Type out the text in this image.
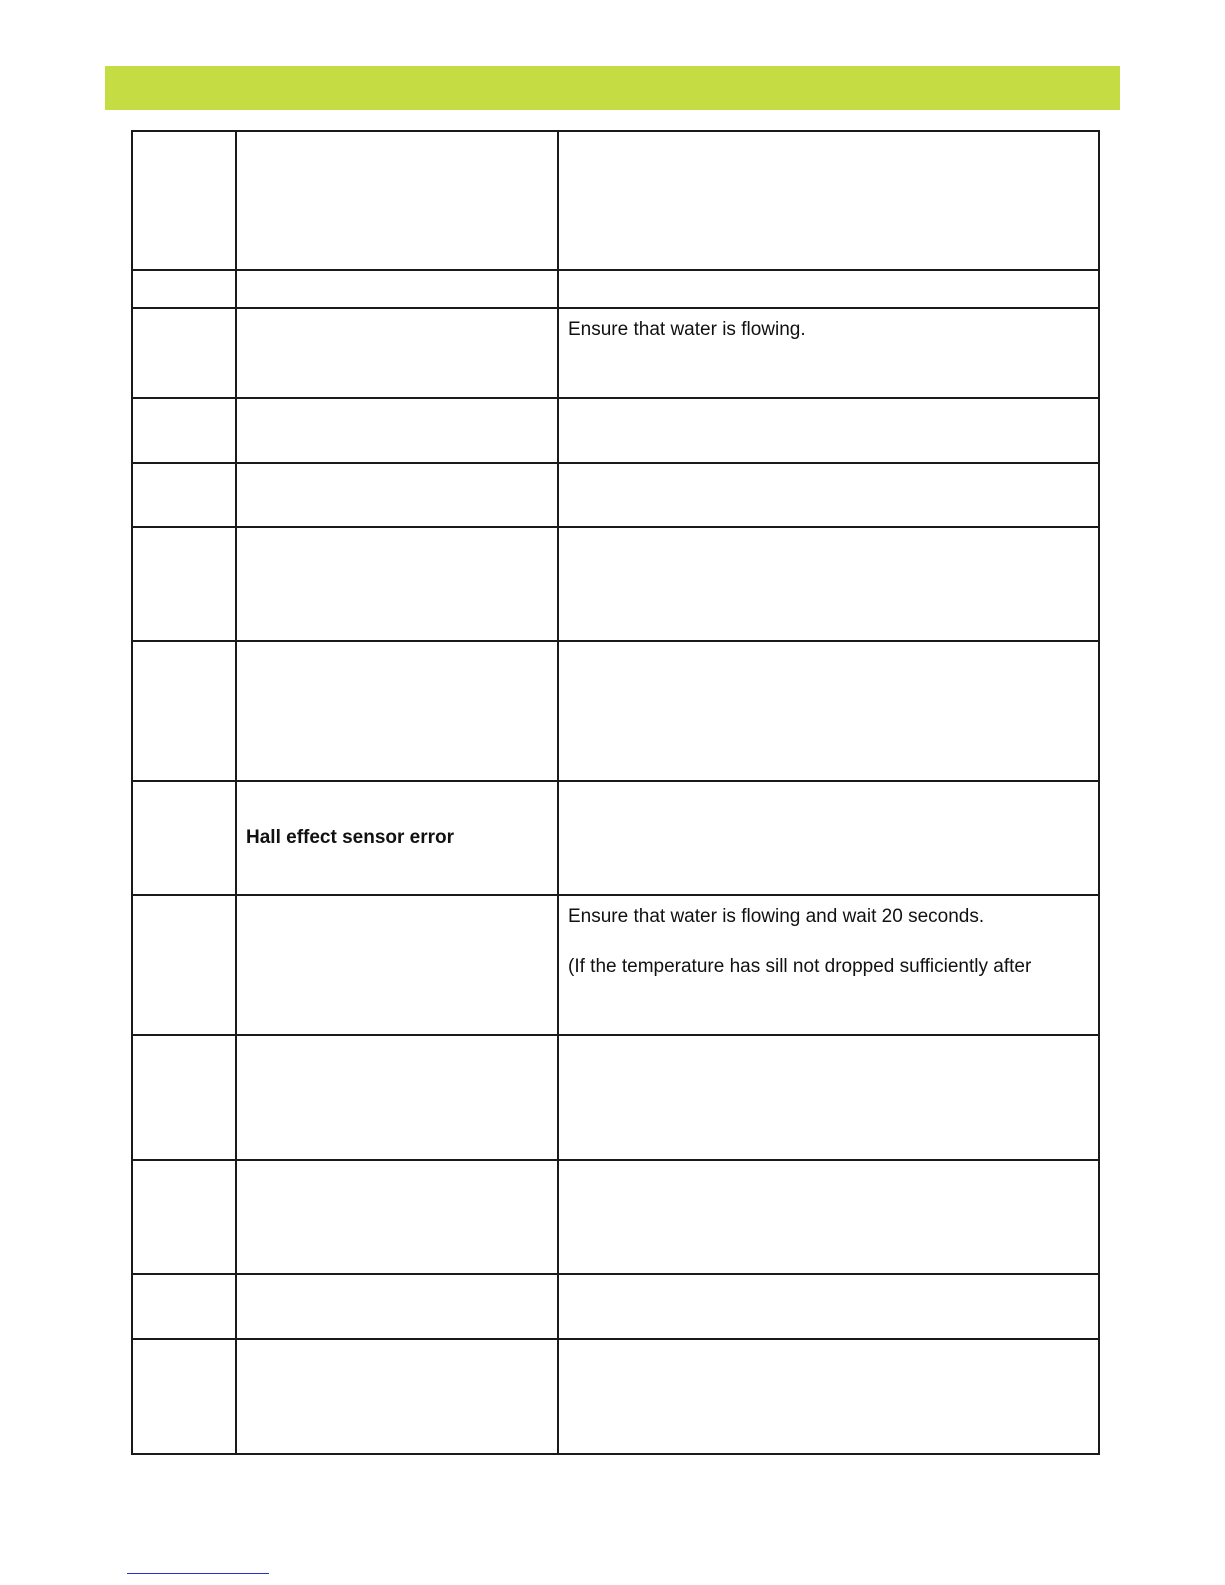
		Ensure that water is flowing.

	Hall effect sensor error	

		Ensure that water is flowing and wait 20 seconds.
(If the temperature has sill not dropped sufficiently after
